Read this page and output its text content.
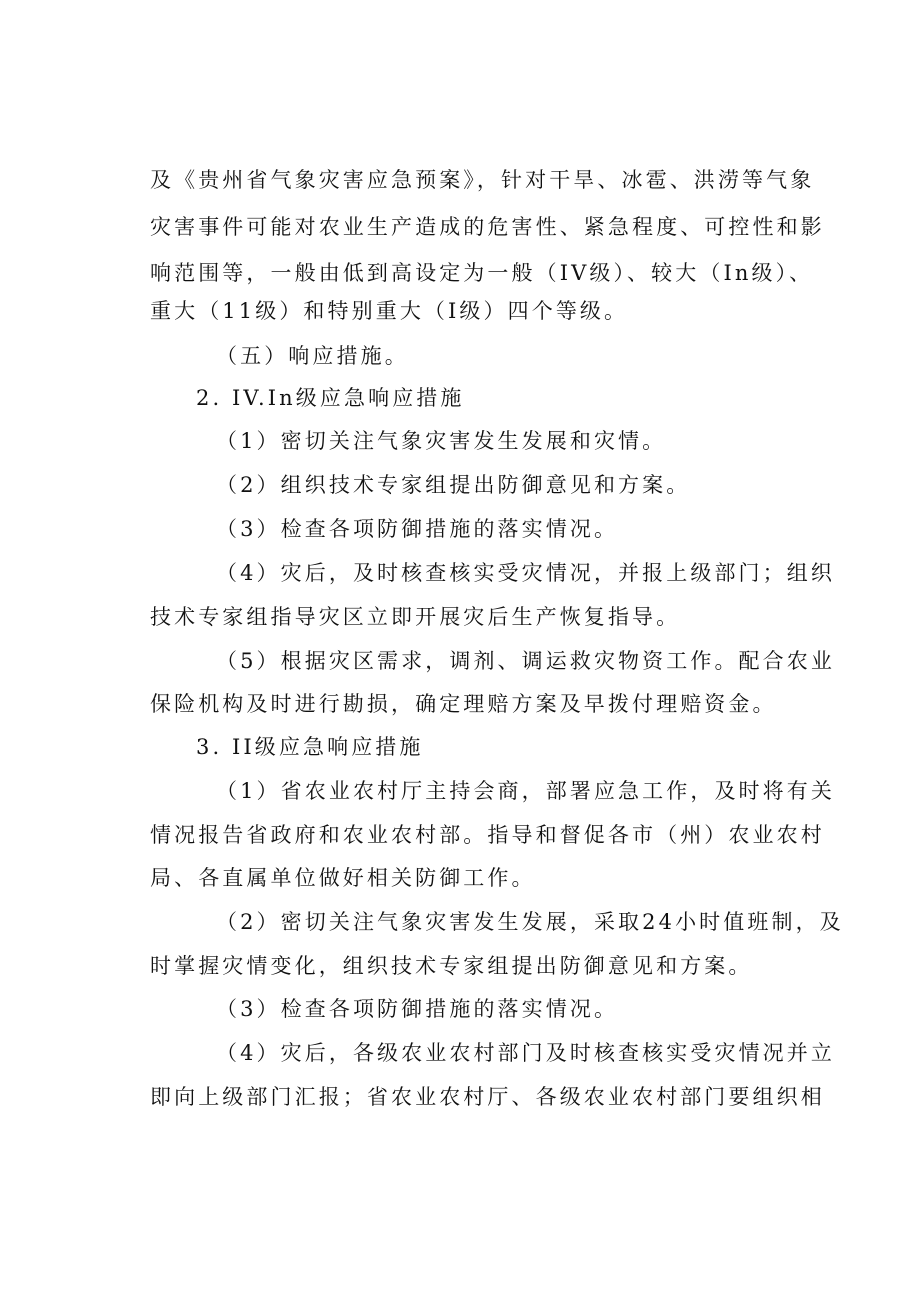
及《贵州省气象灾害应急预案》，针对干旱、冰雹、洪涝等气象
灾害事件可能对农业生产造成的危害性、紧急程度、可控性和影
响范围等，一般由低到高设定为一般（IV级）、较大（In级）、
重大（11级）和特别重大（I级）四个等级。
（五）响应措施。
2. IV.In级应急响应措施
（1）密切关注气象灾害发生发展和灾情。
（2）组织技术专家组提出防御意见和方案。
（3）检查各项防御措施的落实情况。
（4）灾后，及时核查核实受灾情况，并报上级部门；组织
技术专家组指导灾区立即开展灾后生产恢复指导。
（5）根据灾区需求，调剂、调运救灾物资工作。配合农业
保险机构及时进行勘损，确定理赔方案及早拨付理赔资金。
3. II级应急响应措施
（1）省农业农村厅主持会商，部署应急工作，及时将有关
情况报告省政府和农业农村部。指导和督促各市（州）农业农村
局、各直属单位做好相关防御工作。
（2）密切关注气象灾害发生发展，采取24小时值班制，及
时掌握灾情变化，组织技术专家组提出防御意见和方案。
（3）检查各项防御措施的落实情况。
（4）灾后，各级农业农村部门及时核查核实受灾情况并立
即向上级部门汇报；省农业农村厅、各级农业农村部门要组织相
